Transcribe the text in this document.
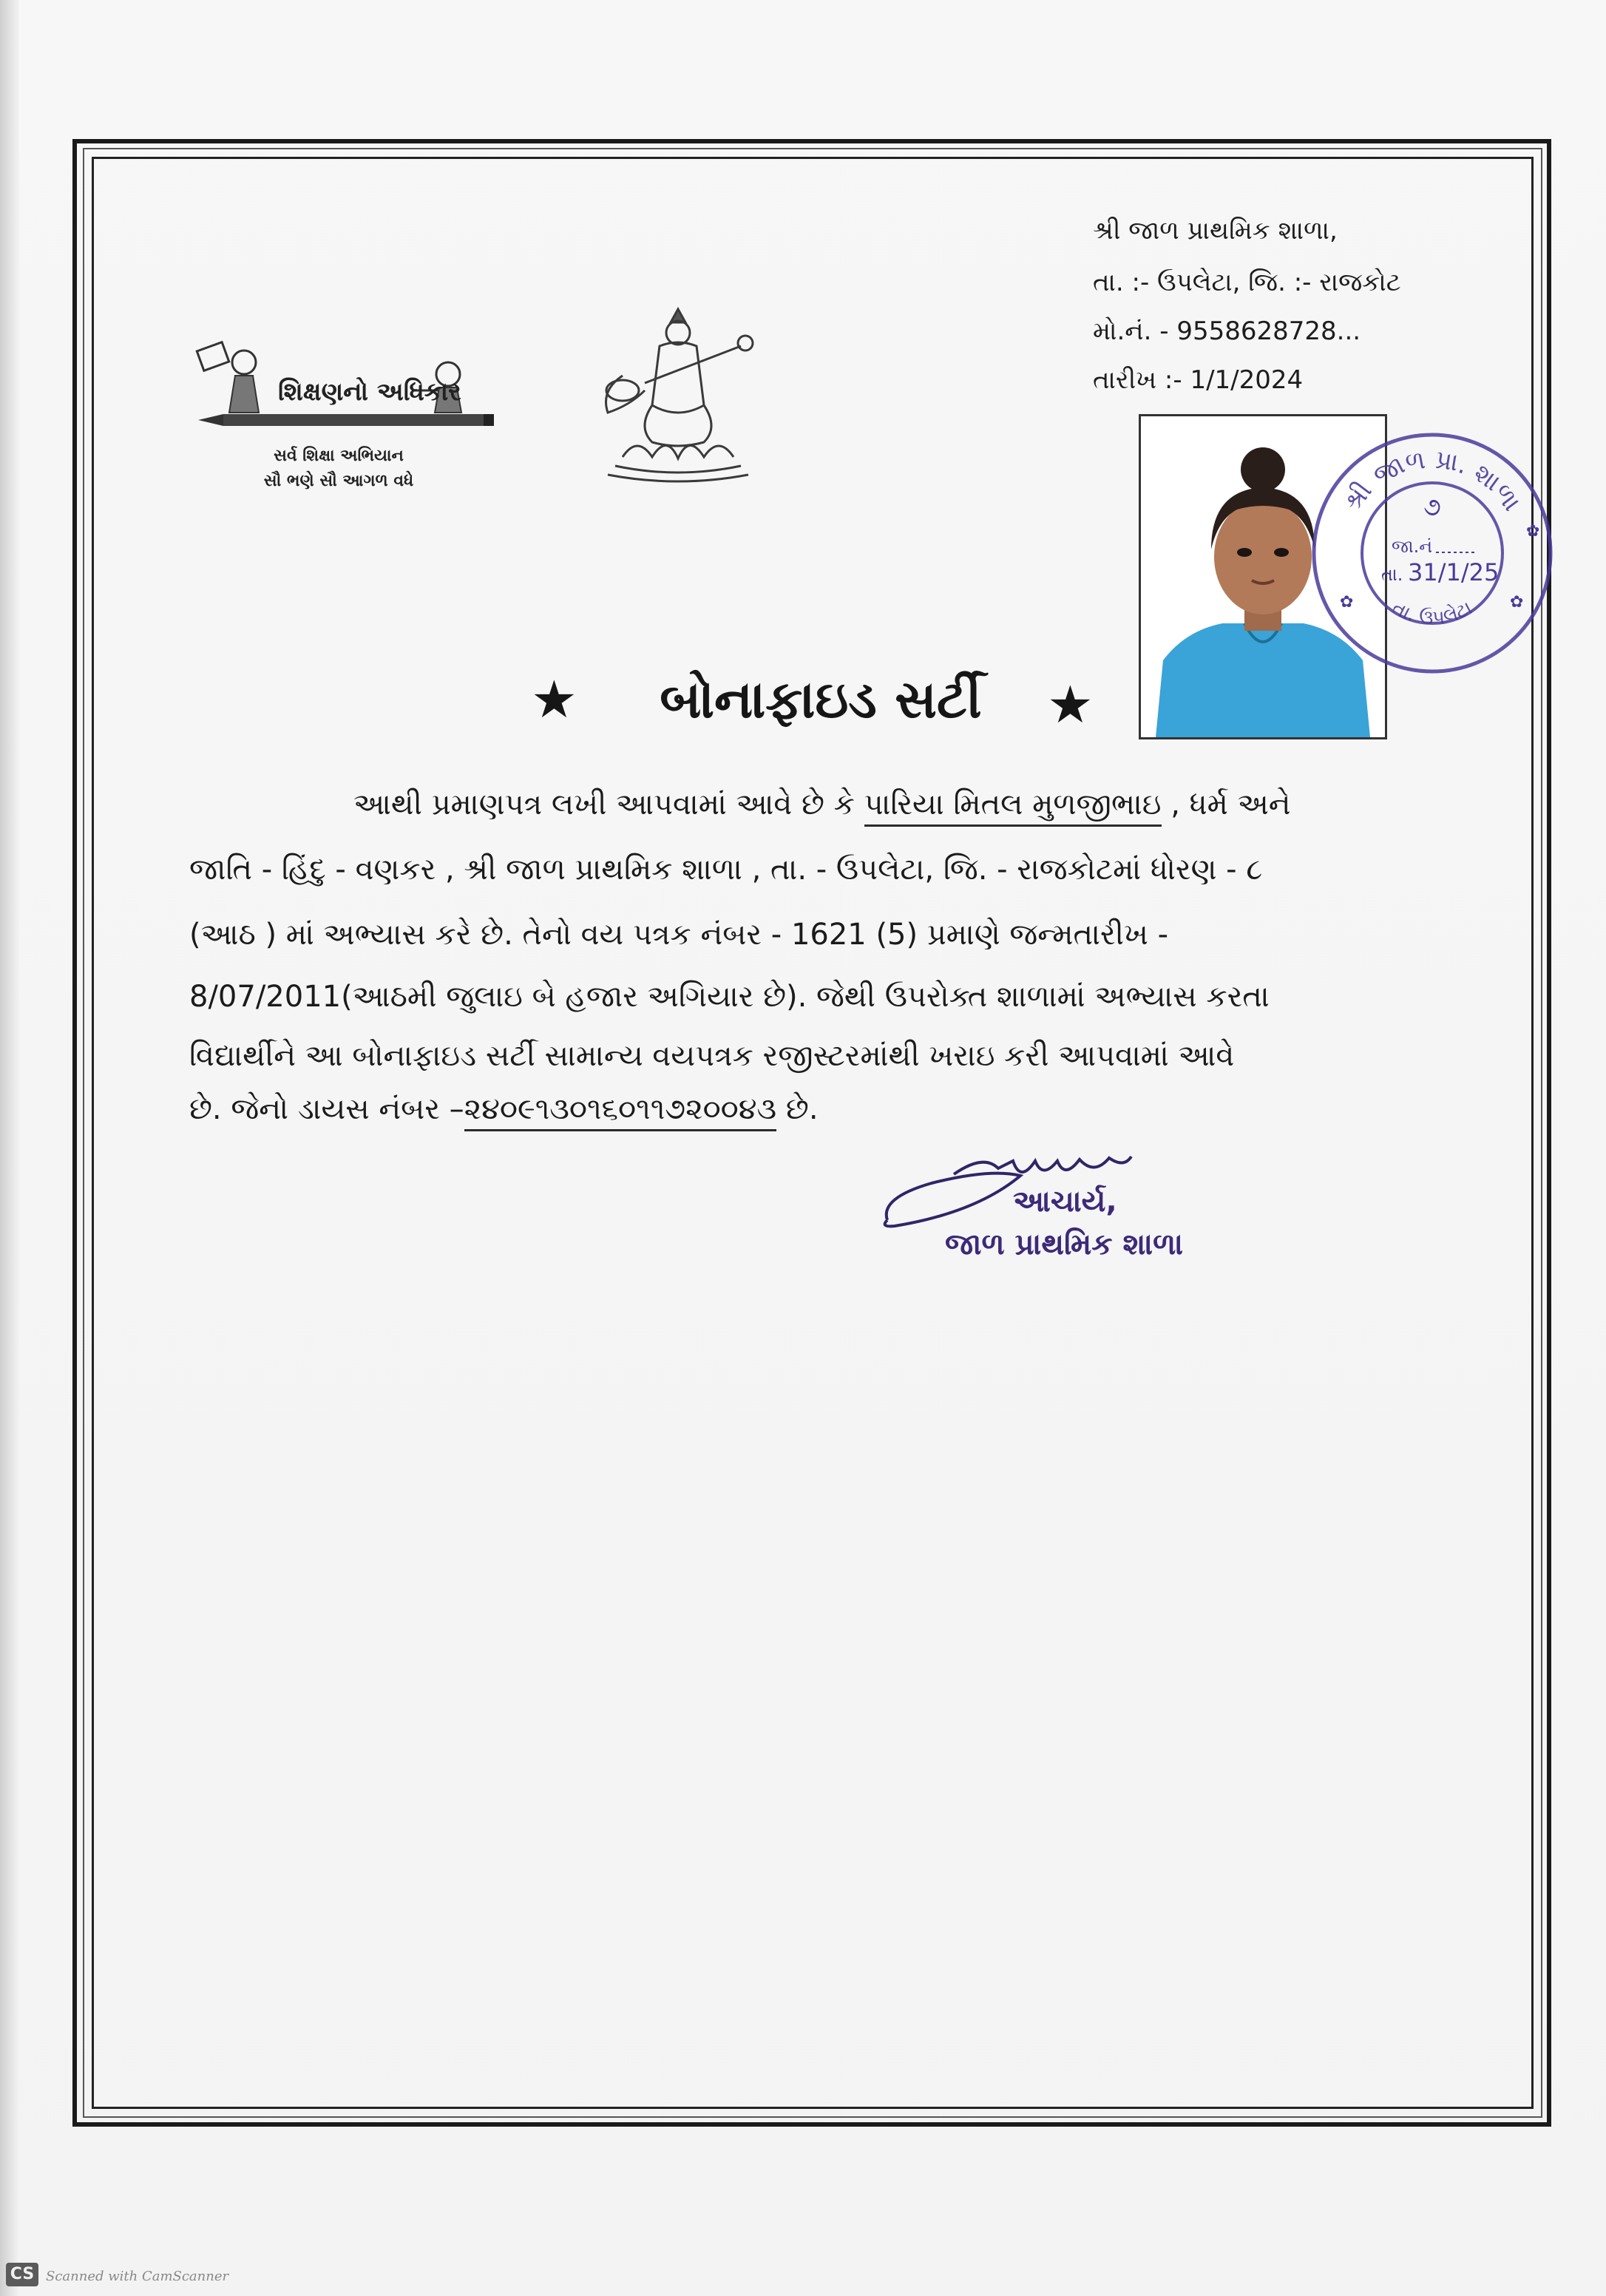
શ્રી જાળ પ્રાથમિક શાળા,
તા. :- ઉપલેટા, જિ. :- રાજકોટ
મો.નં. - 9558628728...
તારીખ :- 1/1/2024
શિક્ષણનો અધિકાર
સર્વ શિક્ષા અભિયાન
સૌ ભણે સૌ આગળ વધે	શ્રી જાળ પ્રા. શાળા
તા. ઉપલેટા
૭
જા.નં
તા. 31/1/25
✿	✿
✿
★	બોનાફાઇડ સર્ટી	★
આથી પ્રમાણપત્ર લખી આપવામાં આવે છે કે પારિયા મિતલ મુળજીભાઇ , ધર્મ અને
જાતિ - હિંદુ - વણકર , શ્રી જાળ પ્રાથમિક શાળા , તા. - ઉપલેટા, જિ. - રાજકોટમાં ધોરણ - ૮
(આઠ ) માં અભ્યાસ કરે છે. તેનો વય પત્રક નંબર - 1621 (5) પ્રમાણે જન્મતારીખ -
8/07/2011(આઠમી જુલાઇ બે હજાર અગિયાર છે). જેથી ઉપરોક્ત શાળામાં અભ્યાસ કરતા
વિદ્યાર્થીને આ બોનાફાઇડ સર્ટી સામાન્ય વયપત્રક રજીસ્ટરમાંથી ખરાઇ કરી આપવામાં આવે
છે. જેનો ડાયસ નંબર –૨૪૦૯૧૩૦૧૬૦૧૧૭૨૦૦૪૩ છે.
આચાર્ય,
જાળ પ્રાથમિક શાળા
CS Scanned with CamScanner
